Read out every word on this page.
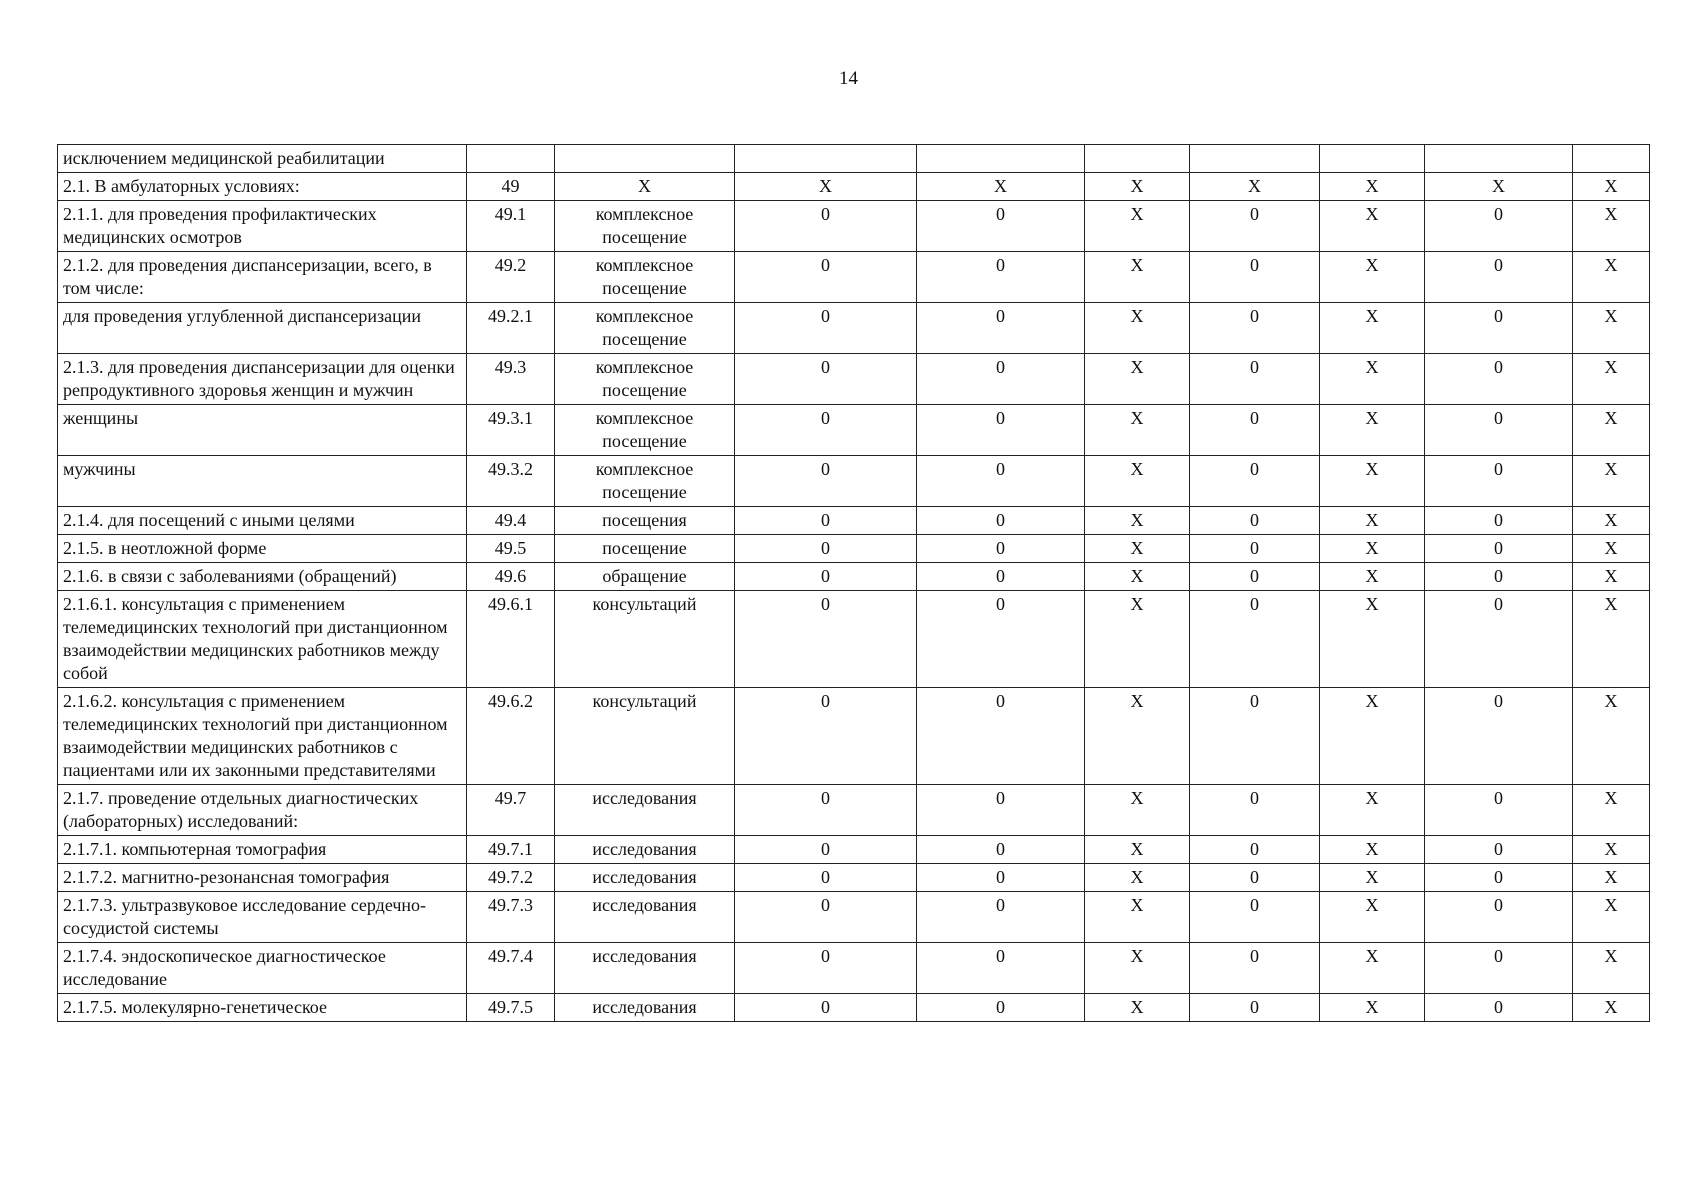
14
исключением медицинской реабилитации									
2.1. В амбулаторных условиях:	49	X	X	X	X	X	X	X	X
2.1.1. для проведения профилактических медицинских осмотров	49.1	комплексное посещение	0	0	X	0	X	0	X
2.1.2. для проведения диспансеризации, всего, в том числе:	49.2	комплексное посещение	0	0	X	0	X	0	X
для проведения углубленной диспансеризации	49.2.1	комплексное посещение	0	0	X	0	X	0	X
2.1.3. для проведения диспансеризации для оценки репродуктивного здоровья женщин и мужчин	49.3	комплексное посещение	0	0	X	0	X	0	X
женщины	49.3.1	комплексное посещение	0	0	X	0	X	0	X
мужчины	49.3.2	комплексное посещение	0	0	X	0	X	0	X
2.1.4. для посещений с иными целями	49.4	посещения	0	0	X	0	X	0	X
2.1.5. в неотложной форме	49.5	посещение	0	0	X	0	X	0	X
2.1.6. в связи с заболеваниями (обращений)	49.6	обращение	0	0	X	0	X	0	X
2.1.6.1. консультация с применением телемедицинских технологий при дистанционном взаимодействии медицинских работников между собой	49.6.1	консультаций	0	0	X	0	X	0	X
2.1.6.2. консультация с применением телемедицинских технологий при дистанционном взаимодействии медицинских работников с пациентами или их законными представителями	49.6.2	консультаций	0	0	X	0	X	0	X
2.1.7. проведение отдельных диагностических (лабораторных) исследований:	49.7	исследования	0	0	X	0	X	0	X
2.1.7.1. компьютерная томография	49.7.1	исследования	0	0	X	0	X	0	X
2.1.7.2. магнитно-резонансная томография	49.7.2	исследования	0	0	X	0	X	0	X
2.1.7.3. ультразвуковое исследование сердечно-сосудистой системы	49.7.3	исследования	0	0	X	0	X	0	X
2.1.7.4. эндоскопическое диагностическое исследование	49.7.4	исследования	0	0	X	0	X	0	X
2.1.7.5. молекулярно-генетическое	49.7.5	исследования	0	0	X	0	X	0	X
